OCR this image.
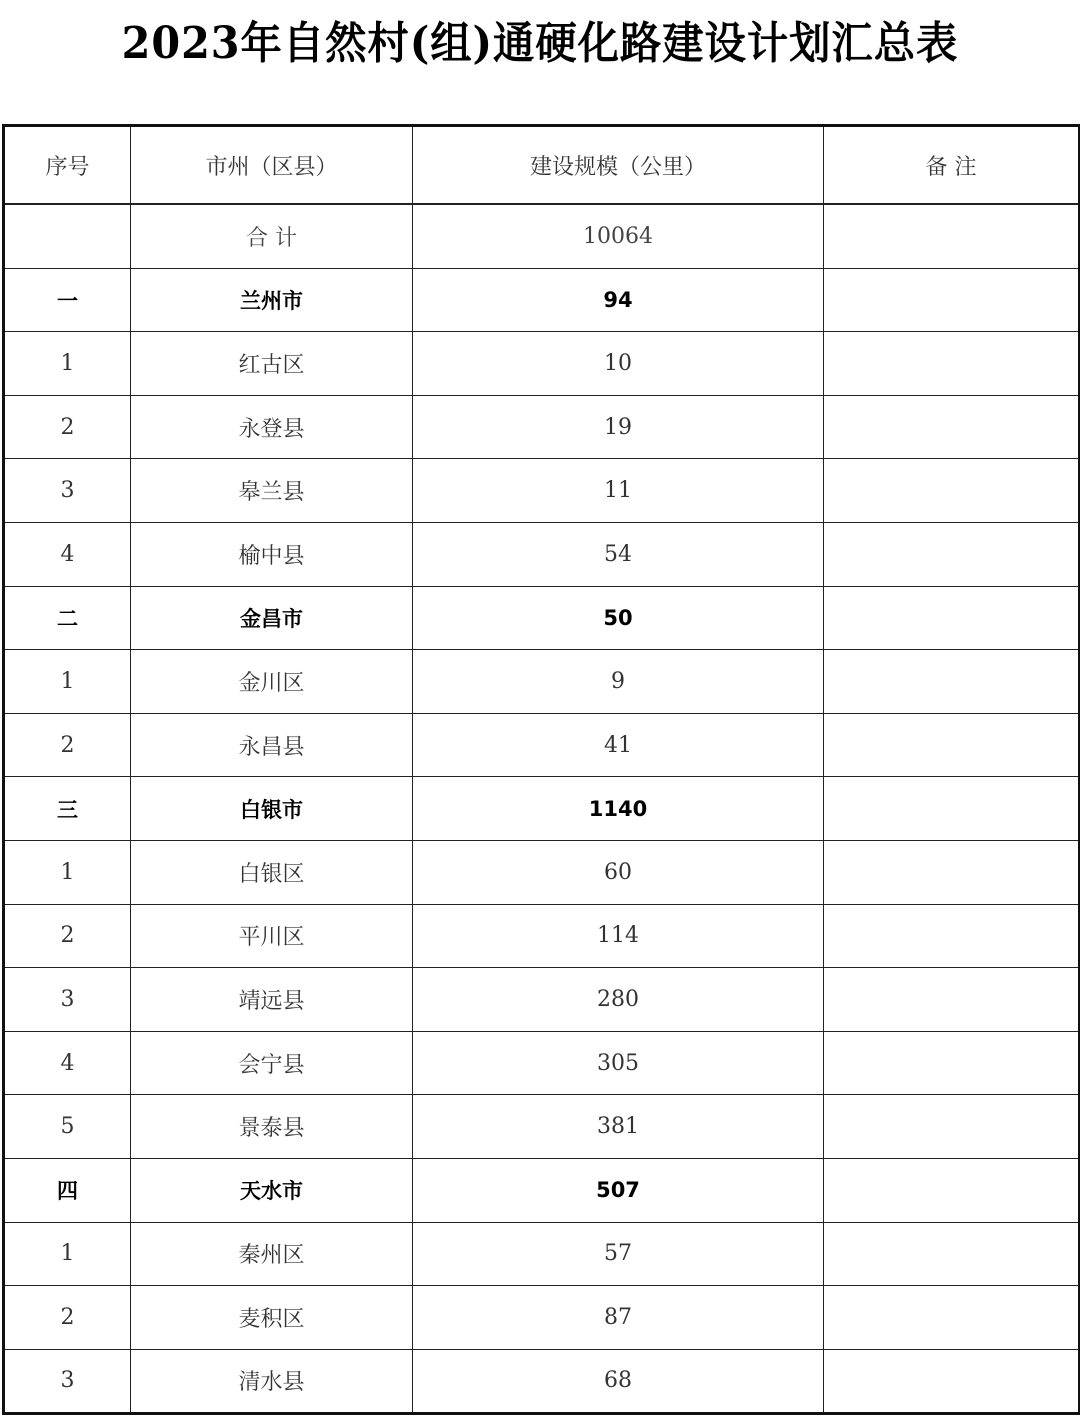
2023年自然村(组)通硬化路建设计划汇总表
序号	市州（区县）	建设规模（公里）	备 注
	合 计	10064	
一	兰州市	94	
1	红古区	10	
2	永登县	19	
3	皋兰县	11	
4	榆中县	54	
二	金昌市	50	
1	金川区	9	
2	永昌县	41	
三	白银市	1140	
1	白银区	60	
2	平川区	114	
3	靖远县	280	
4	会宁县	305	
5	景泰县	381	
四	天水市	507	
1	秦州区	57	
2	麦积区	87	
3	清水县	68	
